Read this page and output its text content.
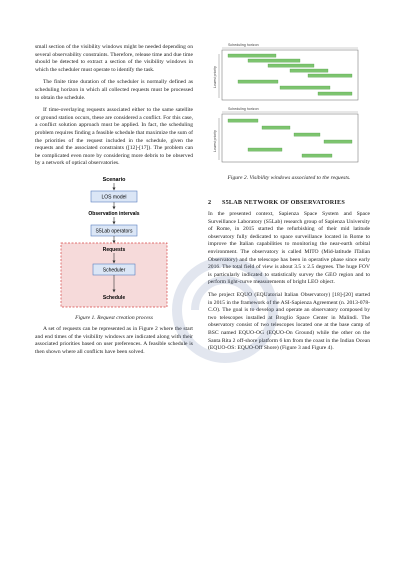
small section of the visibility windows might be needed depending on several observability constraints. Therefore, release time and due time should be detected to extract a section of the visibility windows in which the scheduler must operate to identify the task.

The finite time duration of the scheduler is normally defined as scheduling horizon in which all collected requests must be processed to obtain the schedule.

If time-overlaying requests associated either to the same satellite or ground station occurs, these are considered a conflict. For this case, a conflict solution approach must be applied. In fact, the scheduling problem requires finding a feasible schedule that maximize the sum of the priorities of the request included in the schedule, given the requests and the associated constraints ([12]-[17]). The problem can be complicated even more by considering more debris to be observed by a network of optical observatories.

Scenario
LOS model
Observation intervals
S5Lab operators
Requests
Scheduler
Schedule

Figure 1. Request creation process

A set of requests can be represented as in Figure 2 where the start and end times of the visibility windows are indicated along with their associated priorities based on user preferences. A feasible schedule is then shown where all conflicts have been solved.

Scheduling horizon
Lowest priority
Scheduling horizon
Lowest priority

Figure 2. Visibility windows associated to the requests.

2 S5LAB NETWORK OF OBSERVATORIES

In the presented context, Sapienza Space System and Space Surveillance Laboratory (S5Lab) research group of Sapienza University of Rome, in 2015 started the refurbishing of their mid latitude observatory fully dedicated to space surveillance located in Rome to improve the Italian capabilities to monitoring the near-earth orbital environment. The observatory is called MITO (Mid-latitude ITalian Observatory) and the telescope has been in operative phase since early 2016. The total field of view is about 3.5 x 2.5 degrees. The huge FOV is particularly indicated to statistically survey the GEO region and to perform light-curve measurements of bright LEO object.

The project EQUO (EQUatorial Italian Observatory) [18]-[20] started in 2015 in the framework of the ASI-Sapienza Agreement (n. 2013-078-C.O). The goal is to develop and operate an observatory composed by two telescopes installed at Broglio Space Center in Malindi. The observatory consist of two telescopes located one at the base camp of BSC named EQUO-OG (EQUO-On Ground) while the other on the Santa Rita 2 off-shore platform 6 km from the coast in the Indian Ocean (EQUO-OS: EQUO-Off Shore) (Figure 3 and Figure 4).
